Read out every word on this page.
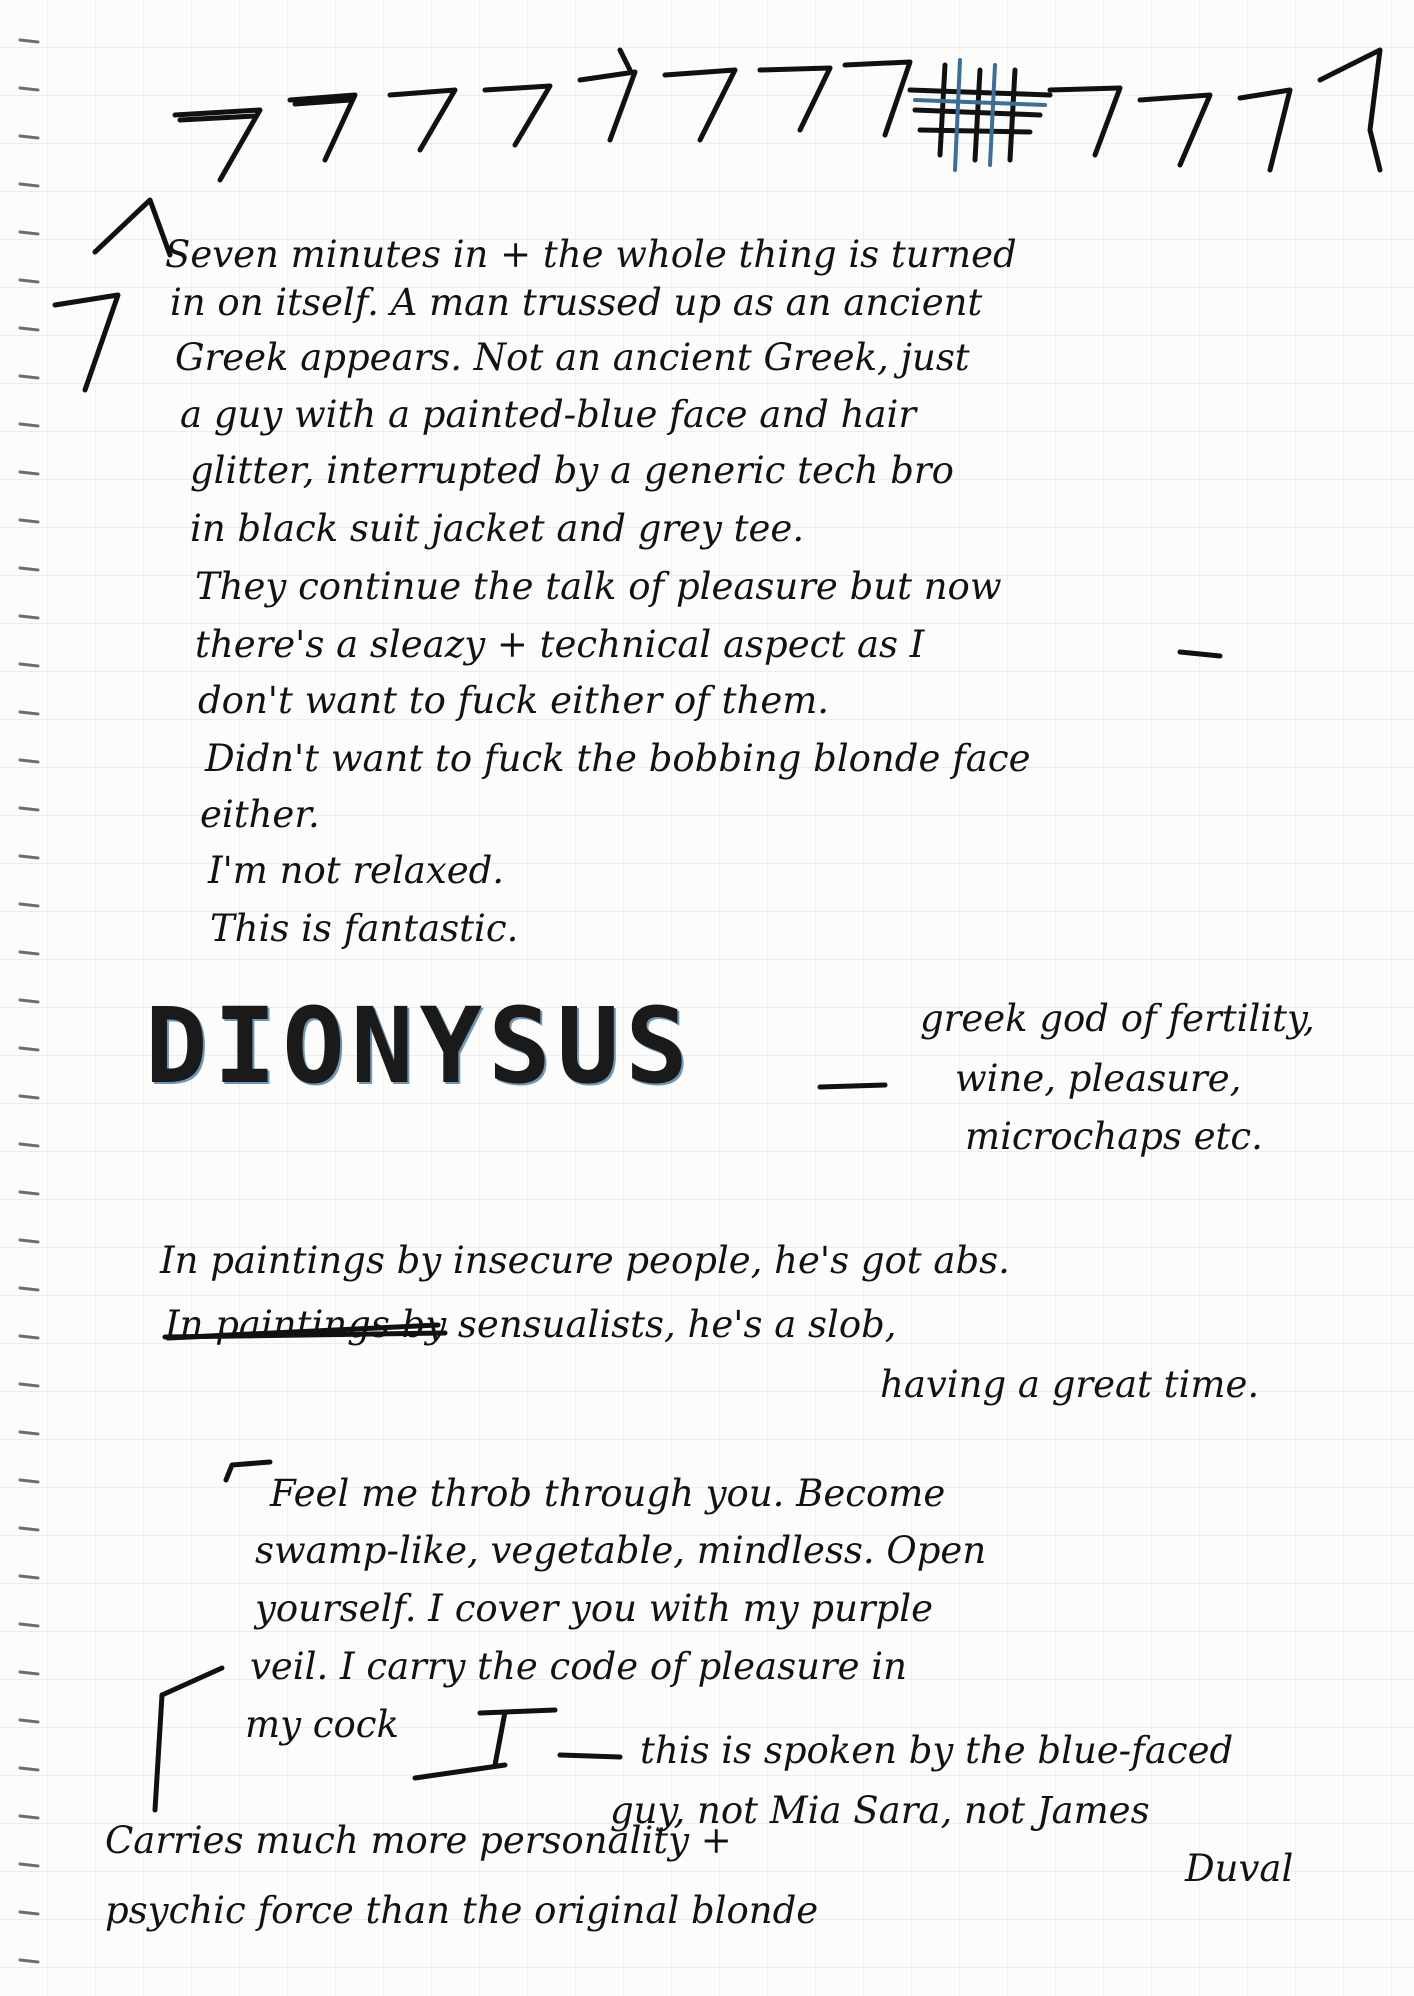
Seven minutes in + the whole thing is turned
in on itself. A man trussed up as an ancient
Greek appears. Not an ancient Greek, just
a guy with a painted-blue face and hair
glitter, interrupted by a generic tech bro
in black suit jacket and grey tee.
They continue the talk of pleasure but now
there's a sleazy + technical aspect as I
don't want to fuck either of them.
Didn't want to fuck the bobbing blonde face
either.
I'm not relaxed.
This is fantastic.
DIONYSUS	greek god of fertility,
wine, pleasure,
microchaps etc.
In paintings by insecure people, he's got abs.
In paintings by sensualists, he's a slob,
having a great time.
Feel me throb through you. Become
swamp-like, vegetable, mindless. Open
yourself. I cover you with my purple
veil. I carry the code of pleasure in
my cock
this is spoken by the blue-faced
guy, not Mia Sara, not James
Duval
Carries much more personality +
psychic force than the original blonde
